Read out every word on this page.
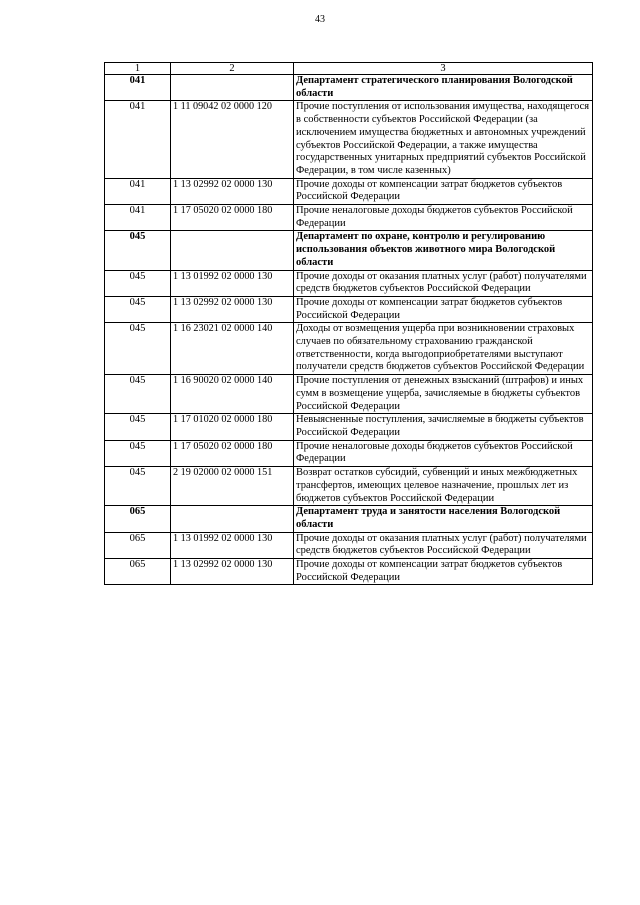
43
1	2	3
041		Департамент стратегического планирования Вологодской области
041	1 11 09042 02 0000 120	Прочие поступления от использования имущества, находящегося в собственности субъектов Российской Федерации (за исключением имущества бюджетных и автономных учреждений субъектов Российской Федерации, а также имущества государственных унитарных предприятий субъектов Российской Федерации, в том числе казенных)
041	1 13 02992 02 0000 130	Прочие доходы от компенсации затрат бюджетов субъектов Российской Федерации
041	1 17 05020 02 0000 180	Прочие неналоговые доходы бюджетов субъектов Российской Федерации
045		Департамент по охране, контролю и регулированию использования объектов животного мира Вологодской области
045	1 13 01992 02 0000 130	Прочие доходы от оказания платных услуг (работ) получателями средств бюджетов субъектов Российской Федерации
045	1 13 02992 02 0000 130	Прочие доходы от компенсации затрат бюджетов субъектов Российской Федерации
045	1 16 23021 02 0000 140	Доходы от возмещения ущерба при возникновении страховых случаев по обязательному страхованию гражданской ответственности, когда выгодоприобретателями выступают получатели средств бюджетов субъектов Российской Федерации
045	1 16 90020 02 0000 140	Прочие поступления от денежных взысканий (штрафов) и иных сумм в возмещение ущерба, зачисляемые в бюджеты субъектов Российской Федерации
045	1 17 01020 02 0000 180	Невыясненные поступления, зачисляемые в бюджеты субъектов Российской Федерации
045	1 17 05020 02 0000 180	Прочие неналоговые доходы бюджетов субъектов Российской Федерации
045	2 19 02000 02 0000 151	Возврат остатков субсидий, субвенций и иных межбюджетных трансфертов, имеющих целевое назначение, прошлых лет из бюджетов субъектов Российской Федерации
065		Департамент труда и занятости населения Вологодской области
065	1 13 01992 02 0000 130	Прочие доходы от оказания платных услуг (работ) получателями средств бюджетов субъектов Российской Федерации
065	1 13 02992 02 0000 130	Прочие доходы от компенсации затрат бюджетов субъектов Российской Федерации
